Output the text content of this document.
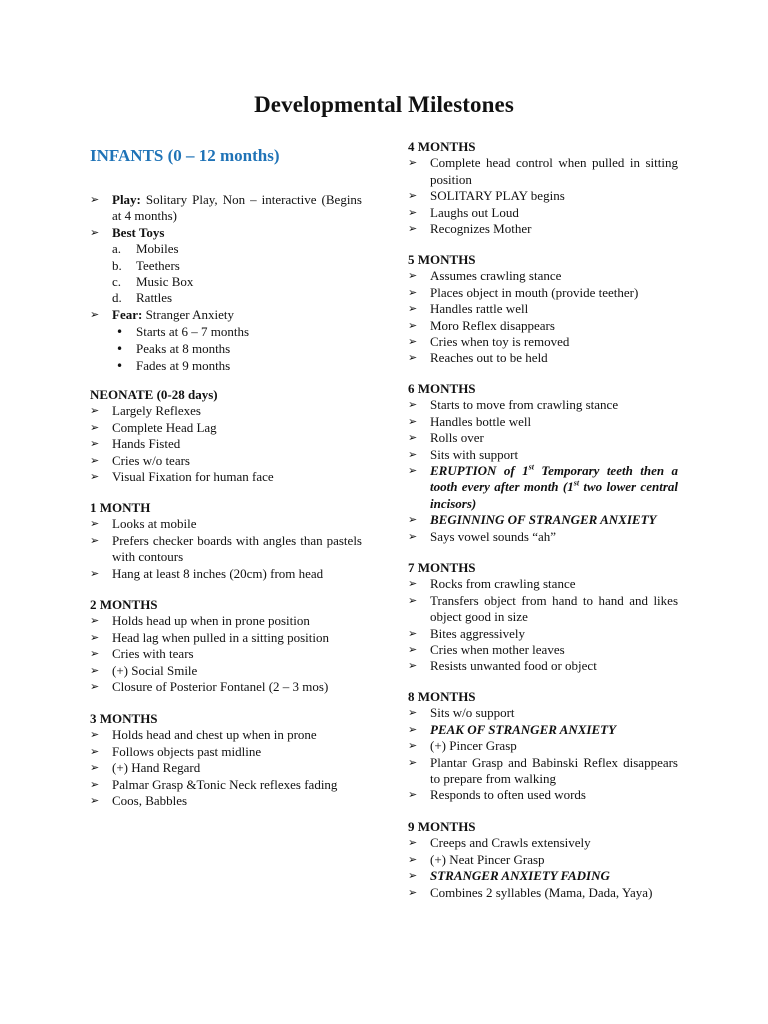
Developmental Milestones
INFANTS (0 – 12 months)
➢ Play: Solitary Play, Non – interactive (Begins at 4 months)
➢ Best Toys
a. Mobiles
b. Teethers
c. Music Box
d. Rattles
➢ Fear: Stranger Anxiety
• Starts at 6 – 7 months
• Peaks at 8 months
• Fades at 9 months
NEONATE (0-28 days)
➢ Largely Reflexes
➢ Complete Head Lag
➢ Hands Fisted
➢ Cries w/o tears
➢ Visual Fixation for human face
1 MONTH
➢ Looks at mobile
➢ Prefers checker boards with angles than pastels with contours
➢ Hang at least 8 inches (20cm) from head
2 MONTHS
➢ Holds head up when in prone position
➢ Head lag when pulled in a sitting position
➢ Cries with tears
➢ (+) Social Smile
➢ Closure of Posterior Fontanel (2 – 3 mos)
3 MONTHS
➢ Holds head and chest up when in prone
➢ Follows objects past midline
➢ (+) Hand Regard
➢ Palmar Grasp &Tonic Neck reflexes fading
➢ Coos, Babbles
4 MONTHS
➢ Complete head control when pulled in sitting position
➢ SOLITARY PLAY begins
➢ Laughs out Loud
➢ Recognizes Mother
5 MONTHS
➢ Assumes crawling stance
➢ Places object in mouth (provide teether)
➢ Handles rattle well
➢ Moro Reflex disappears
➢ Cries when toy is removed
➢ Reaches out to be held
6 MONTHS
➢ Starts to move from crawling stance
➢ Handles bottle well
➢ Rolls over
➢ Sits with support
➢ ERUPTION of 1st Temporary teeth then a tooth every after month (1st two lower central incisors)
➢ BEGINNING OF STRANGER ANXIETY
➢ Says vowel sounds “ah”
7 MONTHS
➢ Rocks from crawling stance
➢ Transfers object from hand to hand and likes object good in size
➢ Bites aggressively
➢ Cries when mother leaves
➢ Resists unwanted food or object
8 MONTHS
➢ Sits w/o support
➢ PEAK OF STRANGER ANXIETY
➢ (+) Pincer Grasp
➢ Plantar Grasp and Babinski Reflex disappears to prepare from walking
➢ Responds to often used words
9 MONTHS
➢ Creeps and Crawls extensively
➢ (+) Neat Pincer Grasp
➢ STRANGER ANXIETY FADING
➢ Combines 2 syllables (Mama, Dada, Yaya)
